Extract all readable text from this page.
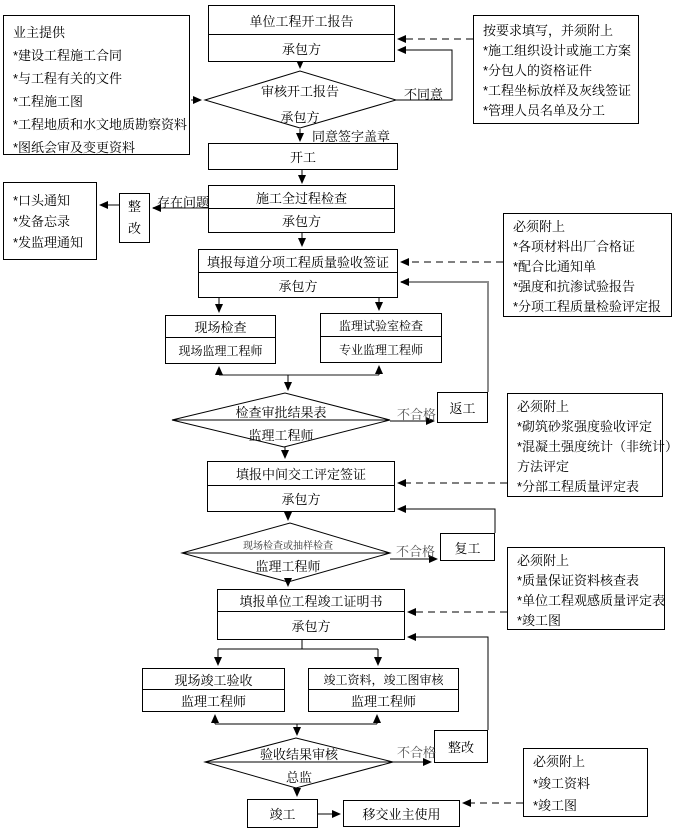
单位工程开工报告
承包方
开工
施工全过程检查
承包方
填报每道分项工程质量验收签证
承包方
现场检查
现场监理工程师
监理试验室检查
专业监理工程师
填报中间交工评定签证
承包方
填报单位工程竣工证明书
承包方
现场竣工验收
监理工程师
竣工资料，竣工图审核
监理工程师
返工
复工
整改
整改
竣工	移交业主使用
审核开工报告
承包方
检查审批结果表
监理工程师
现场检查或抽样检查
监理工程师
验收结果审核
总监
业主提供
*建设工程施工合同
*与工程有关的文件
*工程施工图
*工程地质和水文地质勘察资料
*图纸会审及变更资料
按要求填写，并须附上
*施工组织设计或施工方案
*分包人的资格证件
*工程坐标放样及灰线签证
*管理人员名单及分工
*口头通知
*发备忘录
*发监理通知
必须附上
*各项材料出厂合格证
*配合比通知单
*强度和抗渗试验报告
*分项工程质量检验评定报
必须附上
*砌筑砂浆强度验收评定
*混凝土强度统计（非统计）
方法评定
*分部工程质量评定表
必须附上
*质量保证资料核查表
*单位工程观感质量评定表
*竣工图
必须附上
*竣工资料
*竣工图
不同意
同意签字盖章
存在问题
不合格
不合格
不合格
